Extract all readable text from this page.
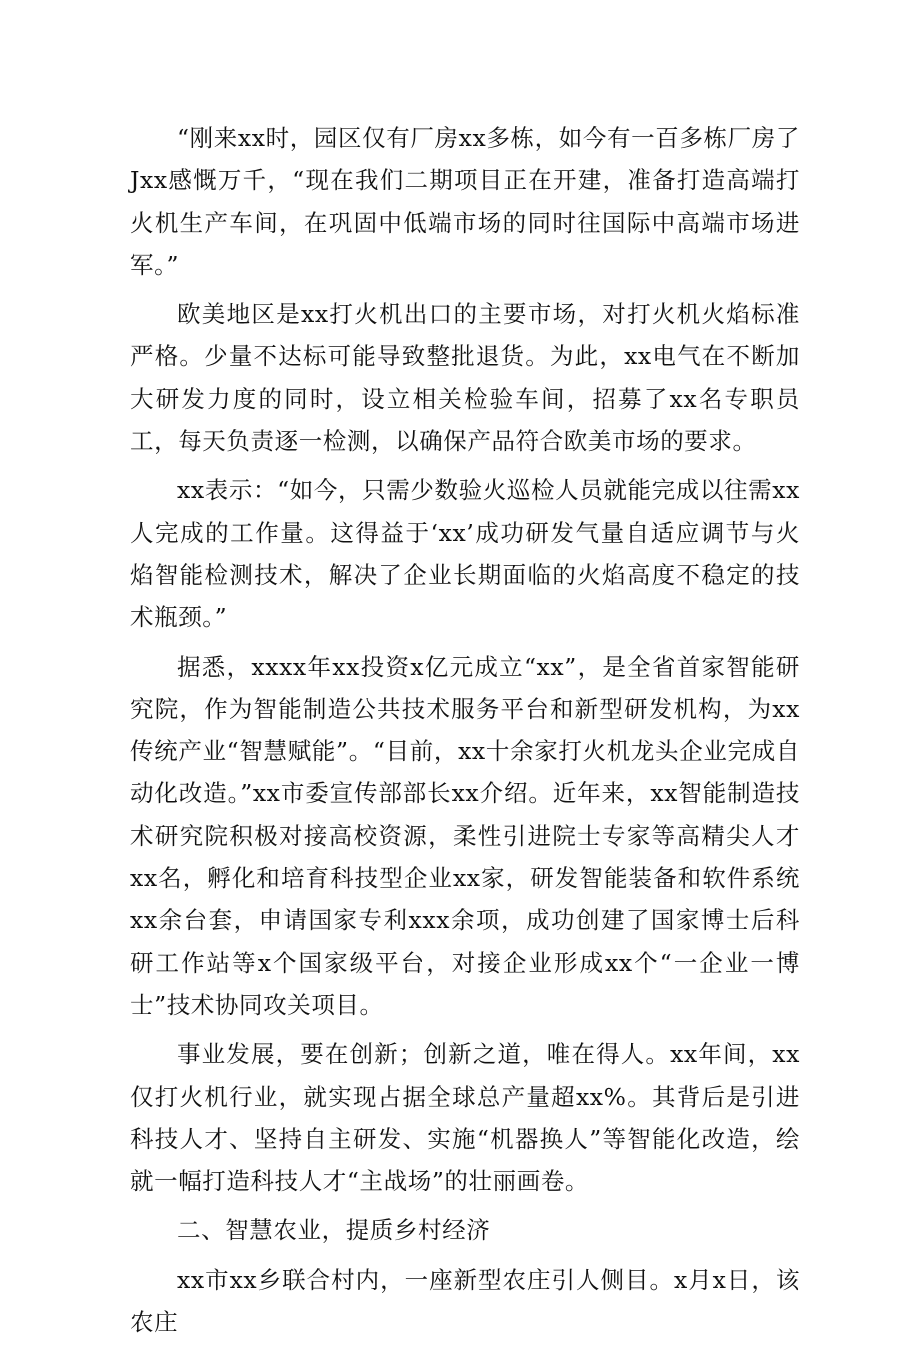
“刚来xx时，园区仅有厂房xx多栋，如今有一百多栋厂房了Jxx感慨万千，“现在我们二期项目正在开建，准备打造高端打火机生产车间，在巩固中低端市场的同时往国际中高端市场进军。”

欧美地区是xx打火机出口的主要市场，对打火机火焰标准严格。少量不达标可能导致整批退货。为此，xx电气在不断加大研发力度的同时，设立相关检验车间，招募了xx名专职员工，每天负责逐一检测，以确保产品符合欧美市场的要求。

xx表示：“如今，只需少数验火巡检人员就能完成以往需xx人完成的工作量。这得益于‘xx’成功研发气量自适应调节与火焰智能检测技术，解决了企业长期面临的火焰高度不稳定的技术瓶颈。”

据悉，xxxx年xx投资x亿元成立“xx”，是全省首家智能研究院，作为智能制造公共技术服务平台和新型研发机构，为xx传统产业“智慧赋能”。“目前，xx十余家打火机龙头企业完成自动化改造。”xx市委宣传部部长xx介绍。近年来，xx智能制造技术研究院积极对接高校资源，柔性引进院士专家等高精尖人才xx名，孵化和培育科技型企业xx家，研发智能装备和软件系统xx余台套，申请国家专利xxx余项，成功创建了国家博士后科研工作站等x个国家级平台，对接企业形成xx个“一企业一博士”技术协同攻关项目。

事业发展，要在创新；创新之道，唯在得人。xx年间，xx仅打火机行业，就实现占据全球总产量超xx%。其背后是引进科技人才、坚持自主研发、实施“机器换人”等智能化改造，绘就一幅打造科技人才“主战场”的壮丽画卷。

二、智慧农业，提质乡村经济

xx市xx乡联合村内，一座新型农庄引人侧目。x月x日，该农庄
